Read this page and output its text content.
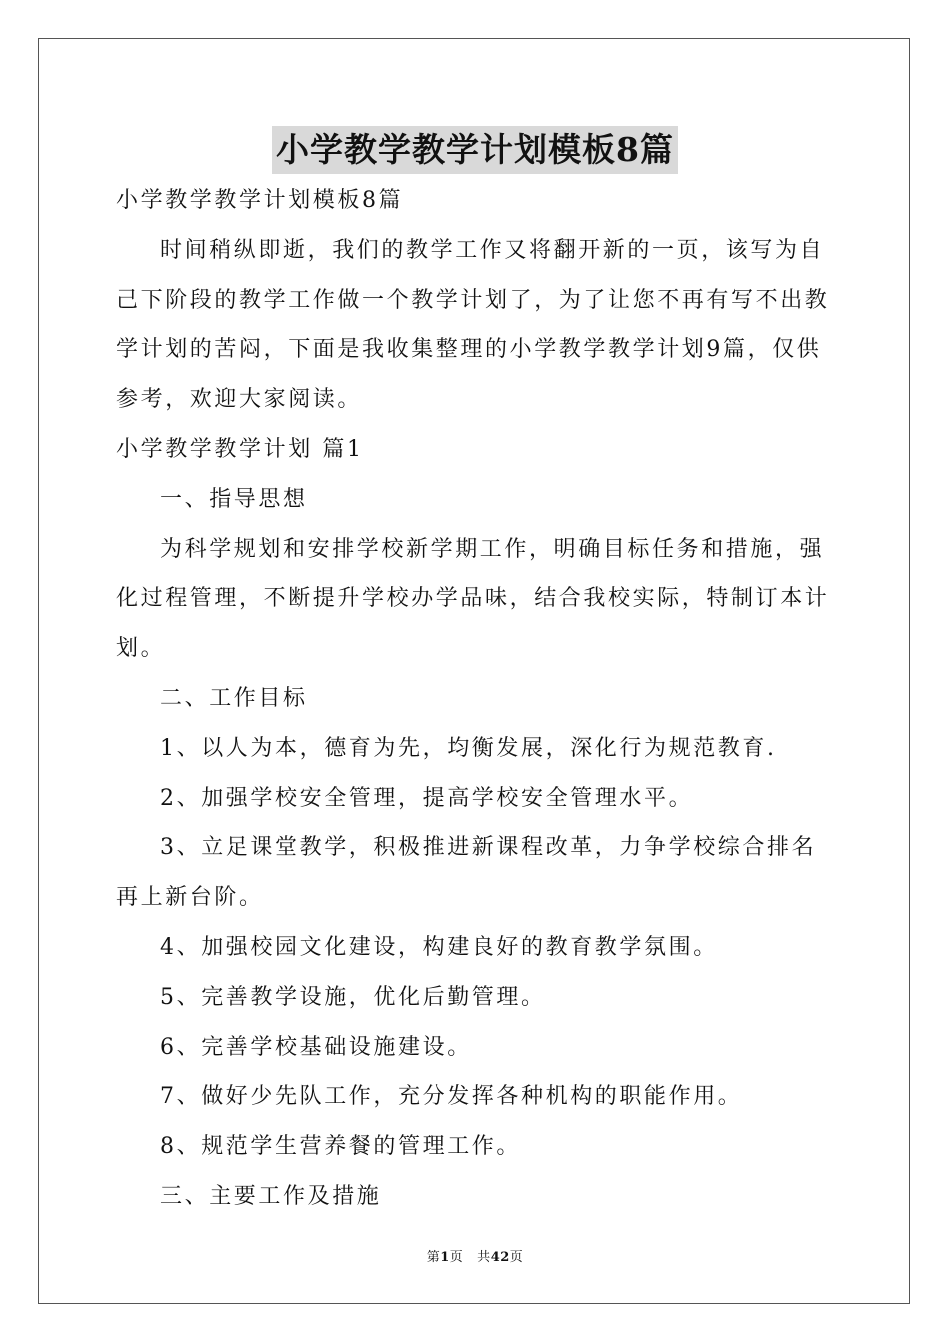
小学教学教学计划模板8篇

小学教学教学计划模板8篇

时间稍纵即逝，我们的教学工作又将翻开新的一页，该写为自己下阶段的教学工作做一个教学计划了，为了让您不再有写不出教学计划的苦闷，下面是我收集整理的小学教学教学计划9篇，仅供参考，欢迎大家阅读。

小学教学教学计划 篇1

一、指导思想

为科学规划和安排学校新学期工作，明确目标任务和措施，强化过程管理，不断提升学校办学品味，结合我校实际，特制订本计划。

二、工作目标

1、以人为本，德育为先，均衡发展，深化行为规范教育.

2、加强学校安全管理，提高学校安全管理水平。

3、立足课堂教学，积极推进新课程改革，力争学校综合排名再上新台阶。

4、加强校园文化建设，构建良好的教育教学氛围。

5、完善教学设施，优化后勤管理。

6、完善学校基础设施建设。

7、做好少先队工作，充分发挥各种机构的职能作用。

8、规范学生营养餐的管理工作。

三、主要工作及措施

第1页 共42页
